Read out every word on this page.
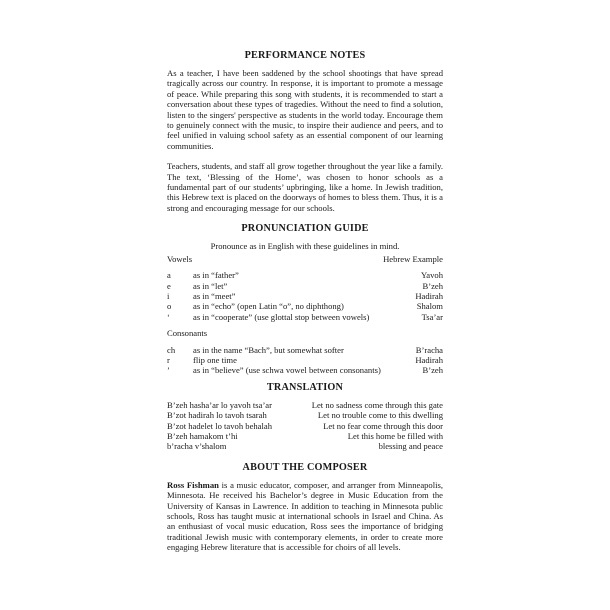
PERFORMANCE NOTES

As a teacher, I have been saddened by the school shootings that have spread tragically across our country. In response, it is important to promote a message of peace. While preparing this song with students, it is recommended to start a conversation about these types of tragedies. Without the need to find a solution, listen to the singers' perspective as students in the world today. Encourage them to genuinely connect with the music, to inspire their audience and peers, and to feel unified in valuing school safety as an essential component of our learning communities.

Teachers, students, and staff all grow together throughout the year like a family. The text, ‘Blessing of the Home’, was chosen to honor schools as a fundamental part of our students’ upbringing, like a home. In Jewish tradition, this Hebrew text is placed on the doorways of homes to bless them. Thus, it is a strong and encouraging message for our schools.

PRONUNCIATION GUIDE
Pronounce as in English with these guidelines in mind.
Vowels	Hebrew Example
a	as in “father”	Yavoh
e	as in “let”	B’zeh
i	as in “meet”	Hadirah
o	as in “echo” (open Latin “o”, no diphthong)	Shalom
‘	as in “cooperate” (use glottal stop between vowels)	Tsa’ar
Consonants
ch	as in the name “Bach”, but somewhat softer	B’racha
r	flip one time	Hadirah
’	as in “believe” (use schwa vowel between consonants)	B’zeh
TRANSLATION
B’zeh hasha’ar lo yavoh tsa’ar	Let no sadness come through this gate
B’zot hadirah lo tavoh tsarah	Let no trouble come to this dwelling
B’zot hadelet lo tavoh behalah	Let no fear come through this door
B’zeh hamakom t’hi	Let this home be filled with
b’racha v’shalom	blessing and peace
ABOUT THE COMPOSER

Ross Fishman is a music educator, composer, and arranger from Minneapolis, Minnesota. He received his Bachelor’s degree in Music Education from the University of Kansas in Lawrence. In addition to teaching in Minnesota public schools, Ross has taught music at international schools in Israel and China. As an enthusiast of vocal music education, Ross sees the importance of bridging traditional Jewish music with contemporary elements, in order to create more engaging Hebrew literature that is accessible for choirs of all levels.
